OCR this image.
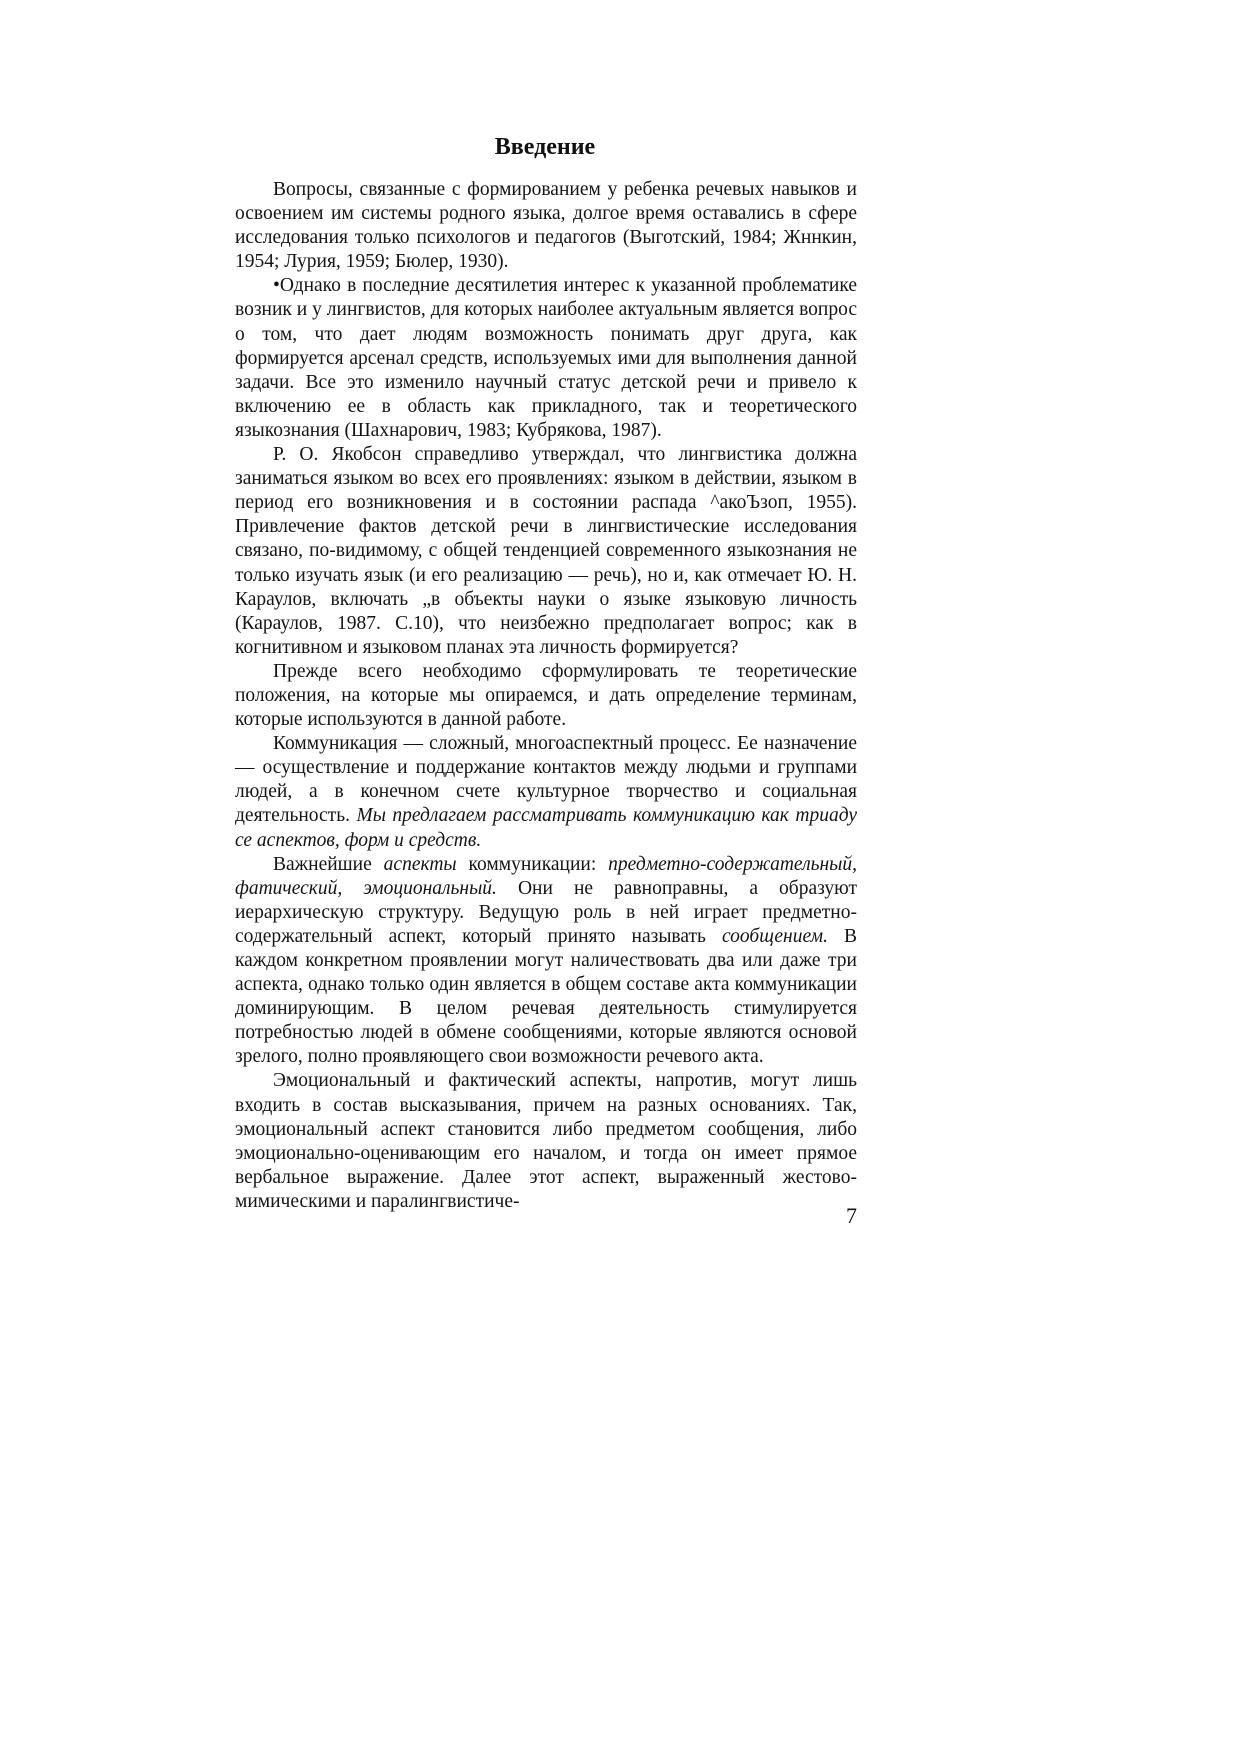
Введение

Вопросы, связанные с формированием у ребенка речевых навыков и освоением им системы родного языка, долгое время оставались в сфере исследования только психологов и педагогов (Выготский, 1984; Жннкин, 1954; Лурия, 1959; Бюлер, 1930).

•Однако в последние десятилетия интерес к указанной проблематике возник и у лингвистов, для которых наиболее актуальным является вопрос о том, что дает людям возможность понимать друг друга, как формируется арсенал средств, используемых ими для выполнения данной задачи. Все это изменило научный статус детской речи и привело к включению ее в область как прикладного, так и теоретического языкознания (Шахнарович, 1983; Кубрякова, 1987).

Р. О. Якобсон справедливо утверждал, что лингвистика должна заниматься языком во всех его проявлениях: языком в действии, языком в период его возникновения и в состоянии распада ^акоЪзоп, 1955). Привлечение фактов детской речи в лингвистические исследования связано, по-видимому, с общей тенденцией современного языкознания не только изучать язык (и его реализацию — речь), но и, как отмечает Ю. Н. Караулов, включать „в объекты науки о языке языковую личность (Караулов, 1987. С.10), что неизбежно предполагает вопрос; как в когнитивном и языковом планах эта личность формируется?

Прежде всего необходимо сформулировать те теоретические положения, на которые мы опираемся, и дать определение терминам, которые используются в данной работе.

Коммуникация — сложный, многоаспектный процесс. Ее назначение — осуществление и поддержание контактов между людьми и группами людей, а в конечном счете культурное творчество и социальная деятельность. Мы предлагаем рассматривать коммуникацию как триаду се аспектов, форм и средств.

Важнейшие аспекты коммуникации: предметно-содержательный, фатический, эмоциональный. Они не равноправны, а образуют иерархическую структуру. Ведущую роль в ней играет предметно-содержательный аспект, который принято называть сообщением. В каждом конкретном проявлении могут наличествовать два или даже три аспекта, однако только один является в общем составе акта коммуникации доминирующим. В целом речевая деятельность стимулируется потребностью людей в обмене сообщениями, которые являются основой зрелого, полно проявляющего свои возможности речевого акта.

Эмоциональный и фактический аспекты, напротив, могут лишь входить в состав высказывания, причем на разных основаниях. Так, эмоциональный аспект становится либо предметом сообщения, либо эмоционально-оценивающим его началом, и тогда он имеет прямое вербальное выражение. Далее этот аспект, выраженный жестово-мимическими и паралингвистиче-

7
